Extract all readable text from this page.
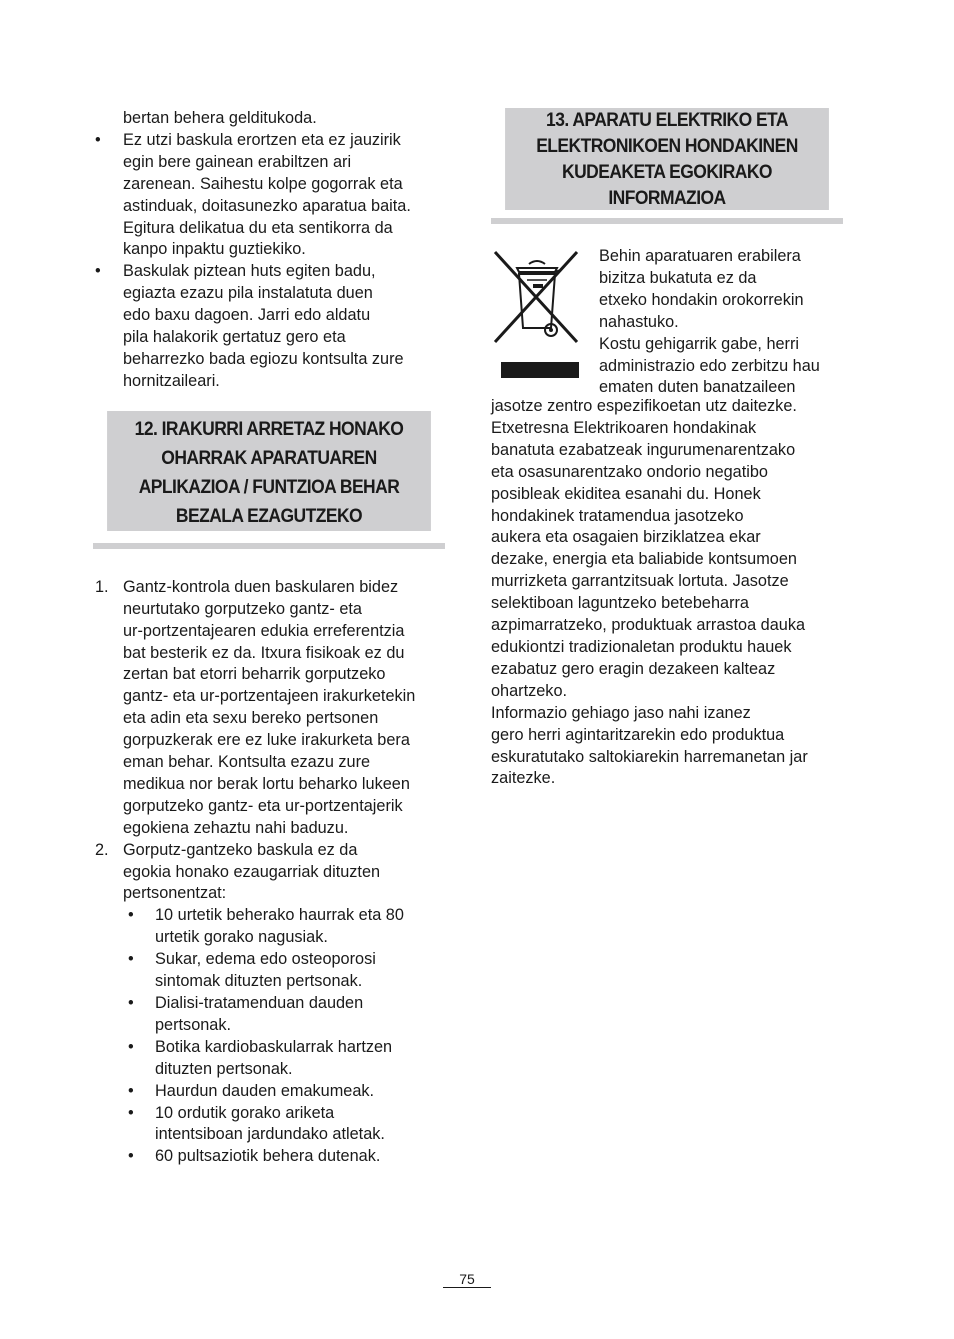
bertan behera gelditukoda.
• Ez utzi baskula erortzen eta ez jauzirik
egin bere gainean erabiltzen ari
zarenean. Saihestu kolpe gogorrak eta
astinduak, doitasunezko aparatua baita.
Egitura delikatua du eta sentikorra da
kanpo inpaktu guztiekiko.
• Baskulak piztean huts egiten badu,
egiazta ezazu pila instalatuta duen
edo baxu dagoen. Jarri edo aldatu
pila halakorik gertatuz gero eta
beharrezko bada egiozu kontsulta zure
hornitzaileari.
12. IRAKURRI ARRETAZ HONAKO
OHARRAK APARATUAREN
APLIKAZIOA / FUNTZIOA BEHAR
BEZALA EZAGUTZEKO
1. Gantz-kontrola duen baskularen bidez
neurtutako gorputzeko gantz- eta
ur-portzentajearen edukia erreferentzia
bat besterik ez da. Itxura fisikoak ez du
zertan bat etorri beharrik gorputzeko
gantz- eta ur-portzentajeen irakurketekin
eta adin eta sexu bereko pertsonen
gorpuzkerak ere ez luke irakurketa bera
eman behar. Kontsulta ezazu zure
medikua nor berak lortu beharko lukeen
gorputzeko gantz- eta ur-portzentajerik
egokiena zehaztu nahi baduzu.
2. Gorputz-gantzeko baskula ez da
egokia honako ezaugarriak dituzten
pertsonentzat:
• 10 urtetik beherako haurrak eta 80
urtetik gorako nagusiak.
• Sukar, edema edo osteoporosi
sintomak dituzten pertsonak.
• Dialisi-tratamenduan dauden
pertsonak.
• Botika kardiobaskularrak hartzen
dituzten pertsonak.
• Haurdun dauden emakumeak.
• 10 ordutik gorako ariketa
intentsiboan jardundako atletak.
• 60 pultsaziotik behera dutenak.
13. APARATU ELEKTRIKO ETA
ELEKTRONIKOEN HONDAKINEN
KUDEAKETA EGOKIRAKO
INFORMAZIOA
Behin aparatuaren erabilera
bizitza bukatuta ez da
etxeko hondakin orokorrekin
nahastuko.
Kostu gehigarrik gabe, herri
administrazio edo zerbitzu hau
ematen duten banatzaileen
jasotze zentro espezifikoetan utz daitezke.
Etxetresna Elektrikoaren hondakinak
banatuta ezabatzeak ingurumenarentzako
eta osasunarentzako ondorio negatibo
posibleak ekiditea esanahi du. Honek
hondakinek tratamendua jasotzeko
aukera eta osagaien birziklatzea ekar
dezake, energia eta baliabide kontsumoen
murrizketa garrantzitsuak lortuta. Jasotze
selektiboan laguntzeko betebeharra
azpimarratzeko, produktuak arrastoa dauka
edukiontzi tradizionaletan produktu hauek
ezabatuz gero eragin dezakeen kalteaz
ohartzeko.
Informazio gehiago jaso nahi izanez
gero herri agintaritzarekin edo produktua
eskuratutako saltokiarekin harremanetan jar
zaitezke.
75
